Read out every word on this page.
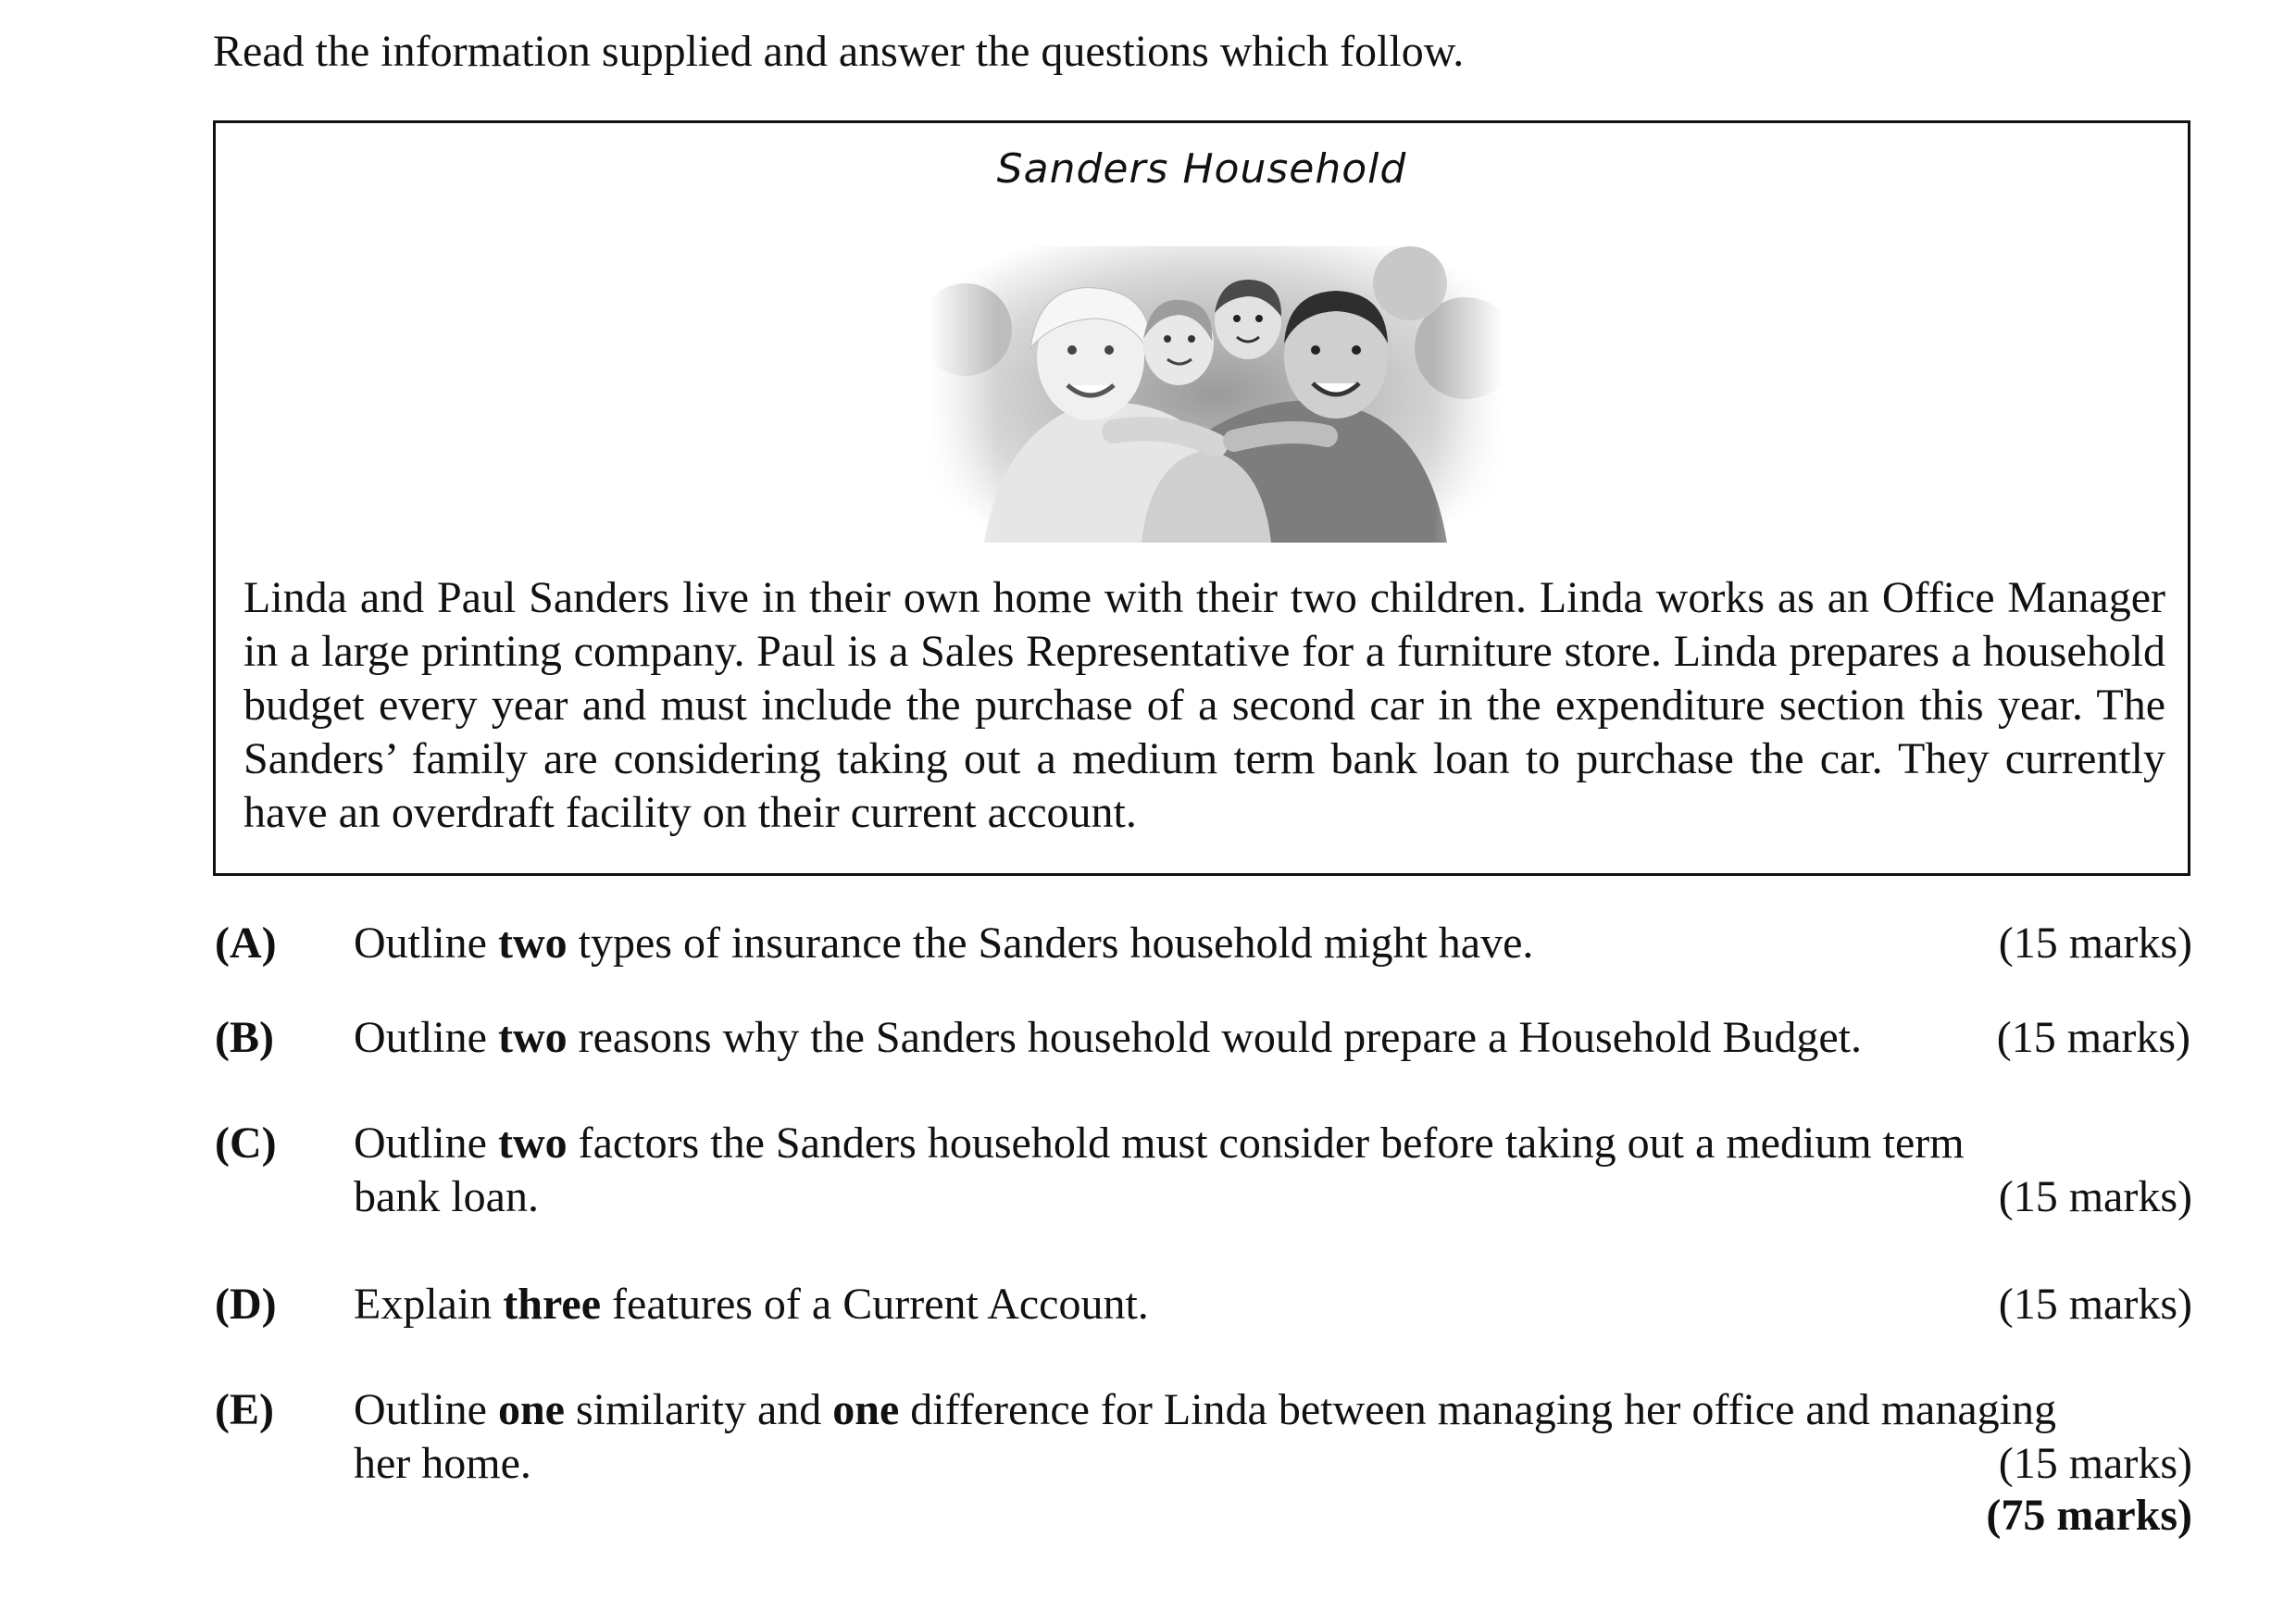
Read the information supplied and answer the questions which follow.
Sanders Household
Linda and Paul Sanders live in their own home with their two children. Linda works as an Office Manager in a large printing company. Paul is a Sales Representative for a furniture store. Linda prepares a household budget every year and must include the purchase of a second car in the expenditure section this year. The Sanders’ family are considering taking out a medium term bank loan to purchase the car. They currently have an overdraft facility on their current account.
(A) Outline two types of insurance the Sanders household might have.	(15 marks)
(B) Outline two reasons why the Sanders household would prepare a Household Budget.	(15 marks)
(C) Outline two factors the Sanders household must consider before taking out a medium term bank loan.	(15 marks)
(D) Explain three features of a Current Account.	(15 marks)
(E) Outline one similarity and one difference for Linda between managing her office and managing her home.	(15 marks)
(75 marks)
